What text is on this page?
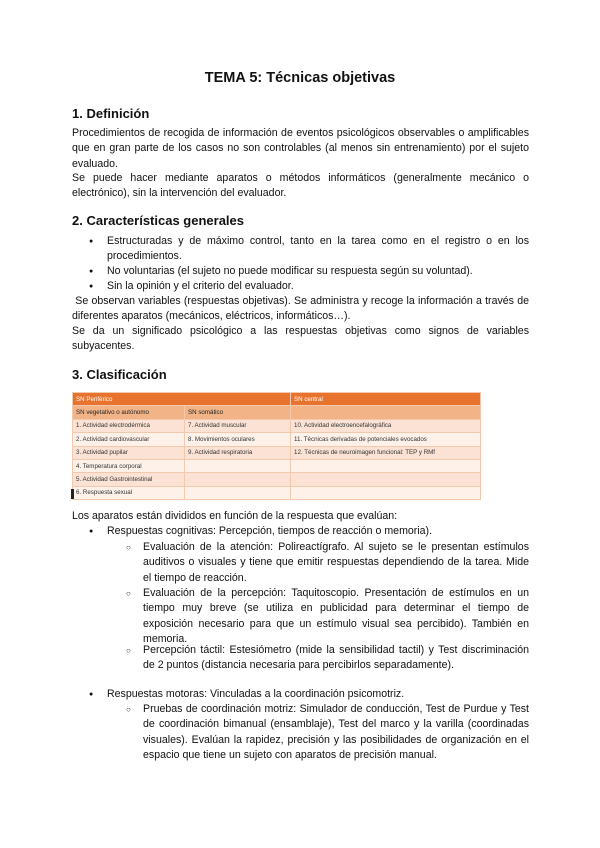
TEMA 5: Técnicas objetivas
1. Definición

Procedimientos de recogida de información de eventos psicológicos observables o amplificables que en gran parte de los casos no son controlables (al menos sin entrenamiento) por el sujeto evaluado.

Se puede hacer mediante aparatos o métodos informáticos (generalmente mecánico o electrónico), sin la intervención del evaluador.

2. Características generales
● Estructuradas y de máximo control, tanto en la tarea como en el registro o en los procedimientos.
● No voluntarias (el sujeto no puede modificar su respuesta según su voluntad).
● Sin la opinión y el criterio del evaluador.

Se observan variables (respuestas objetivas). Se administra y recoge la información a través de diferentes aparatos (mecánicos, eléctricos, informáticos…).

Se da un significado psicológico a las respuestas objetivas como signos de variables subyacentes.

3. Clasificación
SN Periférico		SN central
SN vegetativo o autónomo	SN somático	
1. Actividad electrodérmica	7. Actividad muscular	10. Actividad electroencefalográfica
2. Actividad cardiovascular	8. Movimientos oculares	11. Técnicas derivadas de potenciales evocados
3. Actividad pupilar	9. Actividad respiratoria	12. Técnicas de neuroimagen funcional: TEP y RMf
4. Temperatura corporal		
5. Actividad Gastrointestinal		
6. Respuesta sexual		

Los aparatos están divididos en función de la respuesta que evalúan:

● Respuestas cognitivas: Percepción, tiempos de reacción o memoria).
○ Evaluación de la atención: Polireactígrafo. Al sujeto se le presentan estímulos auditivos o visuales y tiene que emitir respuestas dependiendo de la tarea. Mide el tiempo de reacción.
○ Evaluación de la percepción: Taquitoscopio. Presentación de estímulos en un tiempo muy breve (se utiliza en publicidad para determinar el tiempo de exposición necesario para que un estímulo visual sea percibido). También en memoria.
○ Percepción táctil: Estesiómetro (mide la sensibilidad tactil) y Test discriminación de 2 puntos (distancia necesaria para percibirlos separadamente).
● Respuestas motoras: Vinculadas a la coordinación psicomotriz.
○ Pruebas de coordinación motriz: Simulador de conducción, Test de Purdue y Test de coordinación bimanual (ensamblaje), Test del marco y la varilla (coordinadas visuales). Evalúan la rapidez, precisión y las posibilidades de organización en el espacio que tiene un sujeto con aparatos de precisión manual.
